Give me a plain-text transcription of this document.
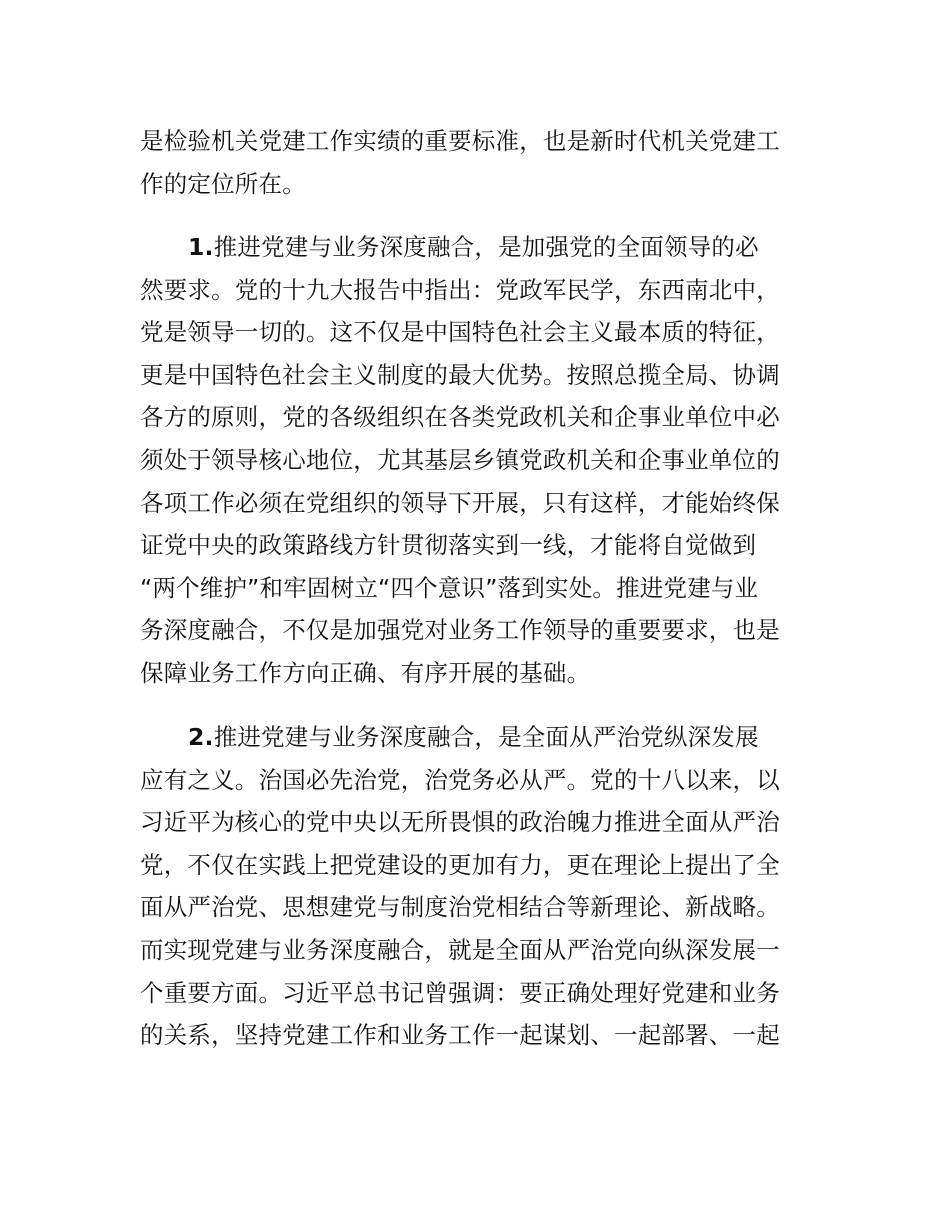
是检验机关党建工作实绩的重要标准，也是新时代机关党建工
作的定位所在。
1.推进党建与业务深度融合，是加强党的全面领导的必
然要求。党的十九大报告中指出：党政军民学，东西南北中，
党是领导一切的。这不仅是中国特色社会主义最本质的特征，
更是中国特色社会主义制度的最大优势。按照总揽全局、协调
各方的原则，党的各级组织在各类党政机关和企事业单位中必
须处于领导核心地位，尤其基层乡镇党政机关和企事业单位的
各项工作必须在党组织的领导下开展，只有这样，才能始终保
证党中央的政策路线方针贯彻落实到一线，才能将自觉做到
“两个维护”和牢固树立“四个意识”落到实处。推进党建与业
务深度融合，不仅是加强党对业务工作领导的重要要求，也是
保障业务工作方向正确、有序开展的基础。
2.推进党建与业务深度融合，是全面从严治党纵深发展
应有之义。治国必先治党，治党务必从严。党的十八以来，以
习近平为核心的党中央以无所畏惧的政治魄力推进全面从严治
党，不仅在实践上把党建设的更加有力，更在理论上提出了全
面从严治党、思想建党与制度治党相结合等新理论、新战略。
而实现党建与业务深度融合，就是全面从严治党向纵深发展一
个重要方面。习近平总书记曾强调：要正确处理好党建和业务
的关系，坚持党建工作和业务工作一起谋划、一起部署、一起
